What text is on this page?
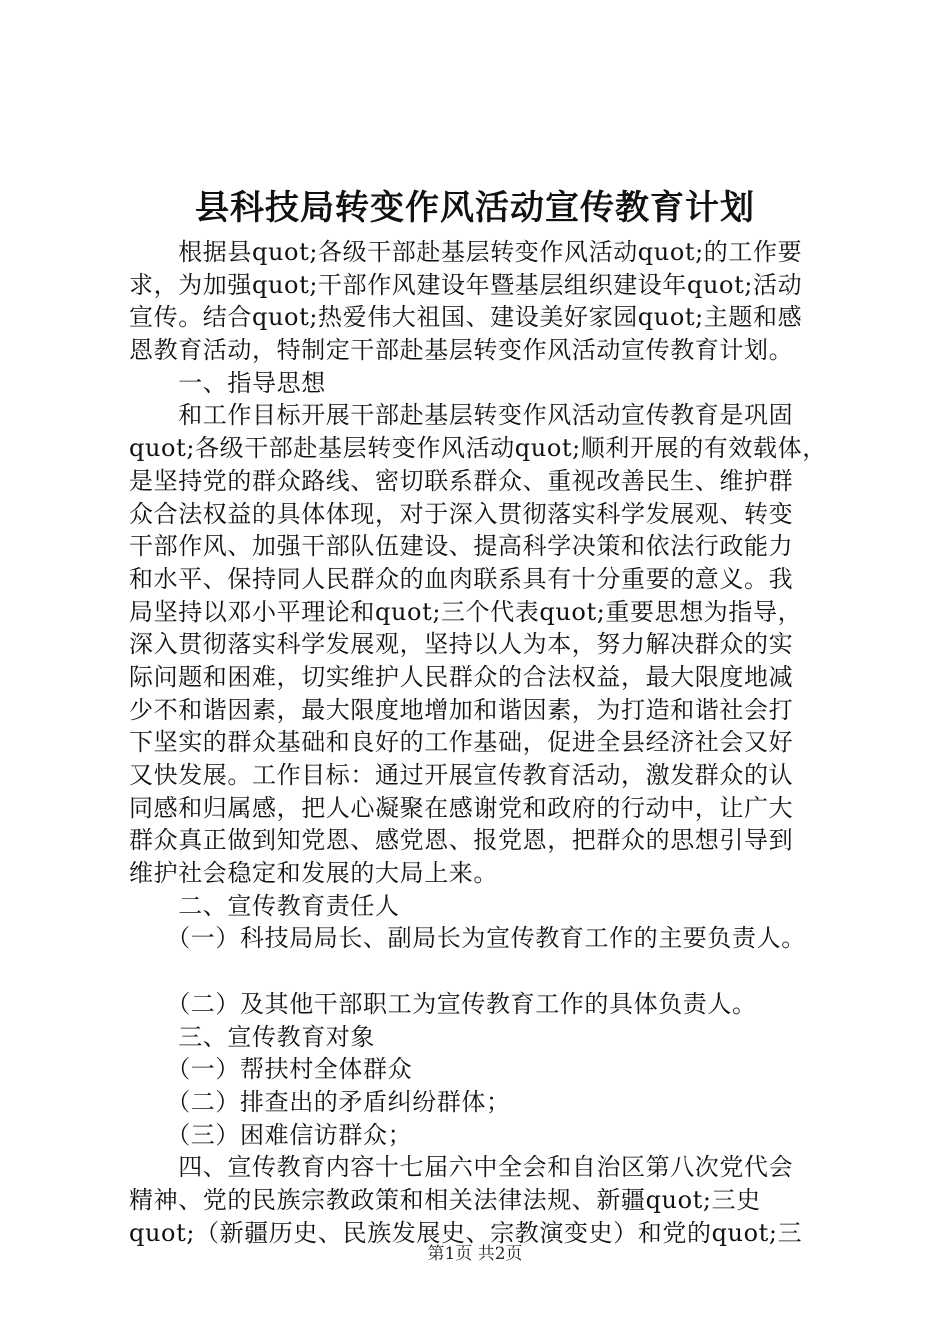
县科技局转变作风活动宣传教育计划
　　根据县quot;各级干部赴基层转变作风活动quot;的工作要
求，为加强quot;干部作风建设年暨基层组织建设年quot;活动
宣传。结合quot;热爱伟大祖国、建设美好家园quot;主题和感
恩教育活动，特制定干部赴基层转变作风活动宣传教育计划。
　　一、指导思想
　　和工作目标开展干部赴基层转变作风活动宣传教育是巩固
quot;各级干部赴基层转变作风活动quot;顺利开展的有效载体，
是坚持党的群众路线、密切联系群众、重视改善民生、维护群
众合法权益的具体体现，对于深入贯彻落实科学发展观、转变
干部作风、加强干部队伍建设、提高科学决策和依法行政能力
和水平、保持同人民群众的血肉联系具有十分重要的意义。我
局坚持以邓小平理论和quot;三个代表quot;重要思想为指导，
深入贯彻落实科学发展观，坚持以人为本，努力解决群众的实
际问题和困难，切实维护人民群众的合法权益，最大限度地减
少不和谐因素，最大限度地增加和谐因素，为打造和谐社会打
下坚实的群众基础和良好的工作基础，促进全县经济社会又好
又快发展。工作目标：通过开展宣传教育活动，激发群众的认
同感和归属感，把人心凝聚在感谢党和政府的行动中，让广大
群众真正做到知党恩、感党恩、报党恩，把群众的思想引导到
维护社会稳定和发展的大局上来。
　　二、宣传教育责任人
　　（一）科技局局长、副局长为宣传教育工作的主要负责人。
　　（二）及其他干部职工为宣传教育工作的具体负责人。
　　三、宣传教育对象
　　（一）帮扶村全体群众
　　（二）排查出的矛盾纠纷群体；
　　（三）困难信访群众；
　　四、宣传教育内容十七届六中全会和自治区第八次党代会
精神、党的民族宗教政策和相关法律法规、新疆quot;三史
quot;（新疆历史、民族发展史、宗教演变史）和党的quot;三
第1页 共2页
